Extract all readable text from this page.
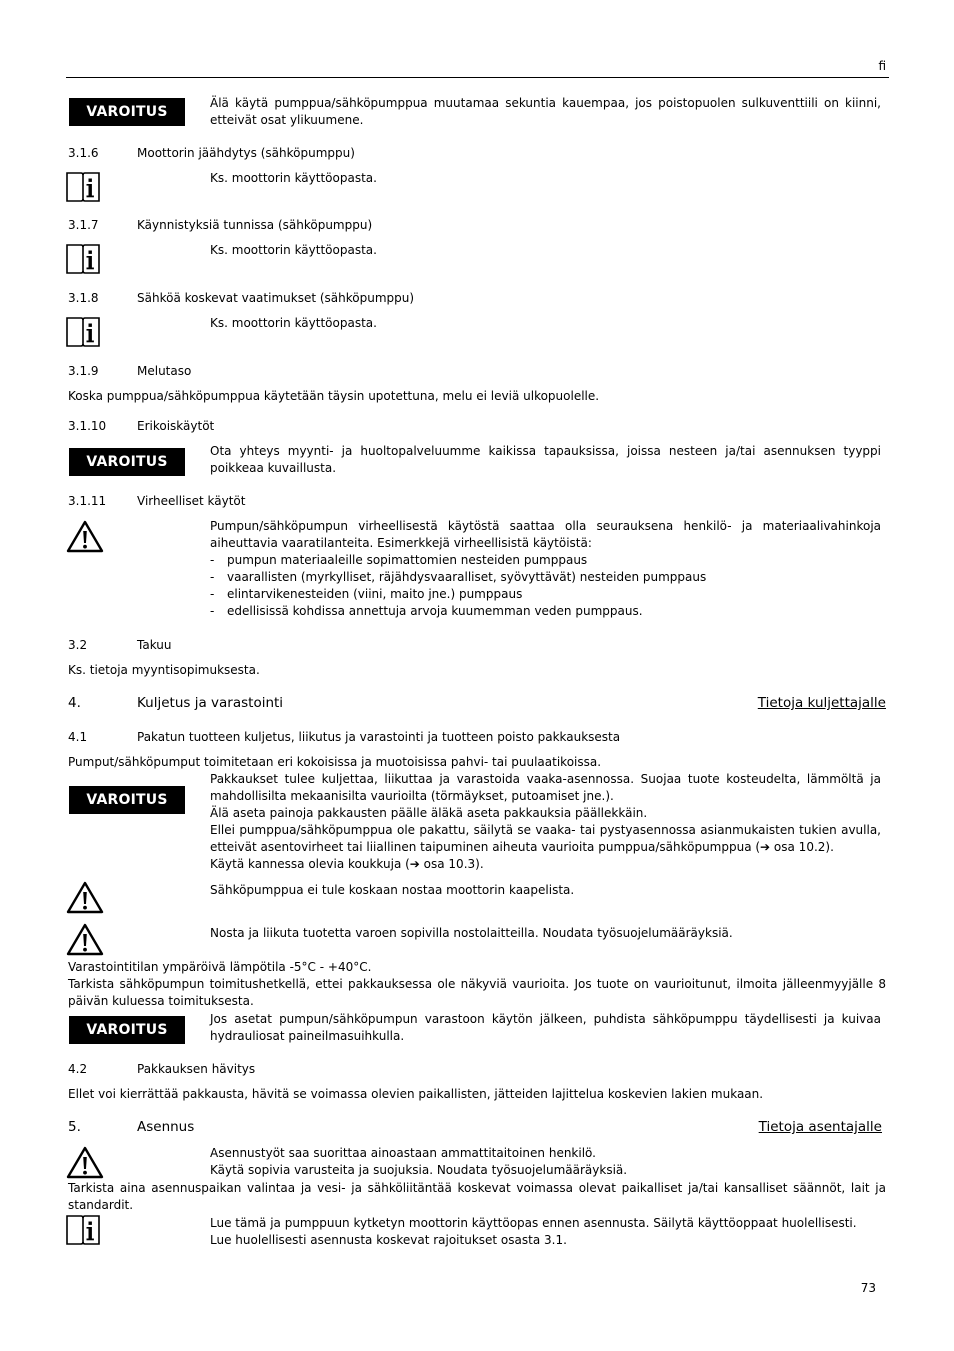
fi
VAROITUS
Älä käytä pumppua/sähköpumppua muutamaa sekuntia kauempaa, jos poistopuolen sulkuventtiili on kiinni, etteivät osat ylikuumene.
3.1.6	Moottorin jäähdytys (sähköpumppu)
Ks. moottorin käyttöopasta.
3.1.7	Käynnistyksiä tunnissa (sähköpumppu)
Ks. moottorin käyttöopasta.
3.1.8	Sähköä koskevat vaatimukset (sähköpumppu)
Ks. moottorin käyttöopasta.
3.1.9	Melutaso
Koska pumppua/sähköpumppua käytetään täysin upotettuna, melu ei leviä ulkopuolelle.
3.1.10	Erikoiskäytöt
VAROITUS
Ota yhteys myynti- ja huoltopalveluumme kaikissa tapauksissa, joissa nesteen ja/tai asennuksen tyyppi poikkeaa kuvaillusta.
3.1.11	Virheelliset käytöt
Pumpun/sähköpumpun virheellisestä käytöstä saattaa olla seurauksena henkilö- ja materiaalivahinkoja aiheuttavia vaaratilanteita. Esimerkkejä virheellisistä käytöistä:
- pumpun materiaaleille sopimattomien nesteiden pumppaus
- vaarallisten (myrkylliset, räjähdysvaaralliset, syövyttävät) nesteiden pumppaus
- elintarvikenesteiden (viini, maito jne.) pumppaus
- edellisissä kohdissa annettuja arvoja kuumemman veden pumppaus.
3.2	Takuu
Ks. tietoja myyntisopimuksesta.
4.	Kuljetus ja varastointi	Tietoja kuljettajalle
4.1	Pakatun tuotteen kuljetus, liikutus ja varastointi ja tuotteen poisto pakkauksesta
Pumput/sähköpumput toimitetaan eri kokoisissa ja muotoisissa pahvi- tai puulaatikoissa.
VAROITUS
Pakkaukset tulee kuljettaa, liikuttaa ja varastoida vaaka-asennossa. Suojaa tuote kosteudelta, lämmöltä ja mahdollisilta mekaanisilta vaurioilta (törmäykset, putoamiset jne.).
Älä aseta painoja pakkausten päälle äläkä aseta pakkauksia päällekkäin.
Ellei pumppua/sähköpumppua ole pakattu, säilytä se vaaka- tai pystyasennossa asianmukaisten tukien avulla, etteivät asentovirheet tai liiallinen taipuminen aiheuta vaurioita pumppua/sähköpumppua (➔ osa 10.2).
Käytä kannessa olevia koukkuja (➔ osa 10.3).
Sähköpumppua ei tule koskaan nostaa moottorin kaapelista.
Nosta ja liikuta tuotetta varoen sopivilla nostolaitteilla. Noudata työsuojelumääräyksiä.
Varastointitilan ympäröivä lämpötila -5°C - +40°C.
Tarkista sähköpumpun toimitushetkellä, ettei pakkauksessa ole näkyviä vaurioita. Jos tuote on vaurioitunut, ilmoita jälleenmyyjälle 8 päivän kuluessa toimituksesta.
VAROITUS
Jos asetat pumpun/sähköpumpun varastoon käytön jälkeen, puhdista sähköpumppu täydellisesti ja kuivaa hydrauliosat paineilmasuihkulla.
4.2	Pakkauksen hävitys
Ellet voi kierrättää pakkausta, hävitä se voimassa olevien paikallisten, jätteiden lajittelua koskevien lakien mukaan.
5.	Asennus	Tietoja asentajalle
Asennustyöt saa suorittaa ainoastaan ammattitaitoinen henkilö.
Käytä sopivia varusteita ja suojuksia. Noudata työsuojelumääräyksiä.
Tarkista aina asennuspaikan valintaa ja vesi- ja sähköliitäntää koskevat voimassa olevat paikalliset ja/tai kansalliset säännöt, lait ja standardit.
Lue tämä ja pumppuun kytketyn moottorin käyttöopas ennen asennusta. Säilytä käyttöoppaat huolellisesti.
Lue huolellisesti asennusta koskevat rajoitukset osasta 3.1.
73
